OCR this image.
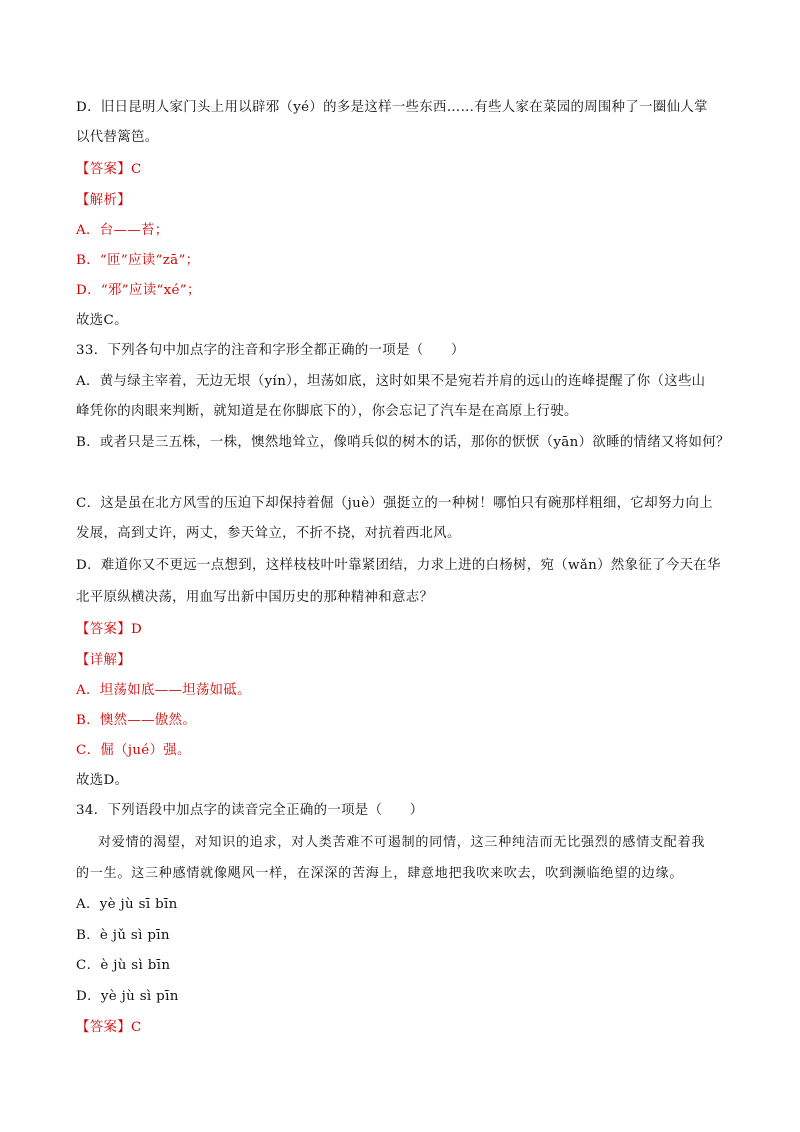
D．旧日昆明人家门头上用以辟邪（yé）的多是这样一些东西……有些人家在菜园的周围种了一圈仙人掌
以代替篱笆。
【答案】C
【解析】
A．台——苔；
B．“匝”应读“zā”；
D．“邪”应读“xé”；
故选C。
33．下列各句中加点字的注音和字形全都正确的一项是（　　）
A．黄与绿主宰着，无边无垠（yín），坦荡如底，这时如果不是宛若并肩的远山的连峰提醒了你（这些山
峰凭你的肉眼来判断，就知道是在你脚底下的），你会忘记了汽车是在高原上行驶。
B．或者只是三五株，一株，懊然地耸立，像哨兵似的树木的话，那你的恹恹（yān）欲睡的情绪又将如何？
C．这是虽在北方风雪的压迫下却保持着倔（juè）强挺立的一种树！哪怕只有碗那样粗细，它却努力向上
发展，高到丈许，两丈，参天耸立，不折不挠，对抗着西北风。
D．难道你又不更远一点想到，这样枝枝叶叶靠紧团结，力求上进的白杨树，宛（wǎn）然象征了今天在华
北平原纵横决荡，用血写出新中国历史的那种精神和意志？
【答案】D
【详解】
A．坦荡如底——坦荡如砥。
B．懊然——傲然。
C．倔（jué）强。
故选D。
34．下列语段中加点字的读音完全正确的一项是（　　）
对爱情的渴望，对知识的追求，对人类苦难不可遏制的同情，这三种纯洁而无比强烈的感情支配着我
的一生。这三种感情就像飓风一样，在深深的苦海上，肆意地把我吹来吹去，吹到濒临绝望的边缘。
A．yè jù sī bīn
B．è jǔ sì pīn
C．è jù sì bīn
D．yè jù sì pīn
【答案】C
